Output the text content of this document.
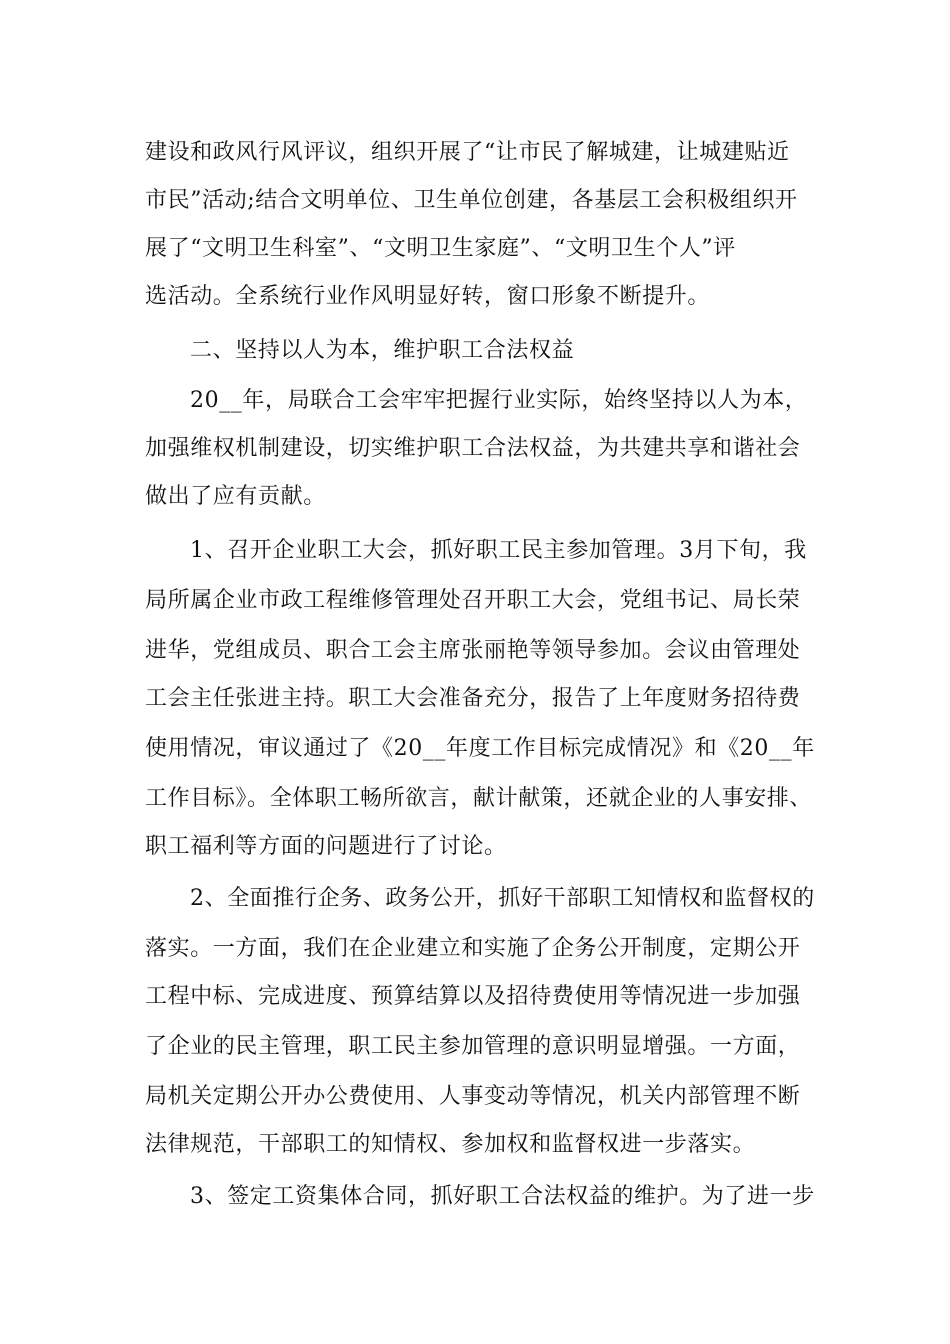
建设和政风行风评议，组织开展了“让市民了解城建，让城建贴近
市民”活动;结合文明单位、卫生单位创建，各基层工会积极组织开
展了“文明卫生科室”、“文明卫生家庭”、“文明卫生个人”评
选活动。全系统行业作风明显好转，窗口形象不断提升。
二、坚持以人为本，维护职工合法权益
20__年，局联合工会牢牢把握行业实际，始终坚持以人为本，
加强维权机制建设，切实维护职工合法权益，为共建共享和谐社会
做出了应有贡献。
1、召开企业职工大会，抓好职工民主参加管理。3月下旬，我
局所属企业市政工程维修管理处召开职工大会，党组书记、局长荣
进华，党组成员、职合工会主席张丽艳等领导参加。会议由管理处
工会主任张进主持。职工大会准备充分，报告了上年度财务招待费
使用情况，审议通过了《20__年度工作目标完成情况》和《20__年
工作目标》。全体职工畅所欲言，献计献策，还就企业的人事安排、
职工福利等方面的问题进行了讨论。
2、全面推行企务、政务公开，抓好干部职工知情权和监督权的
落实。一方面，我们在企业建立和实施了企务公开制度，定期公开
工程中标、完成进度、预算结算以及招待费使用等情况进一步加强
了企业的民主管理，职工民主参加管理的意识明显增强。一方面，
局机关定期公开办公费使用、人事变动等情况，机关内部管理不断
法律规范，干部职工的知情权、参加权和监督权进一步落实。
3、签定工资集体合同，抓好职工合法权益的维护。为了进一步
